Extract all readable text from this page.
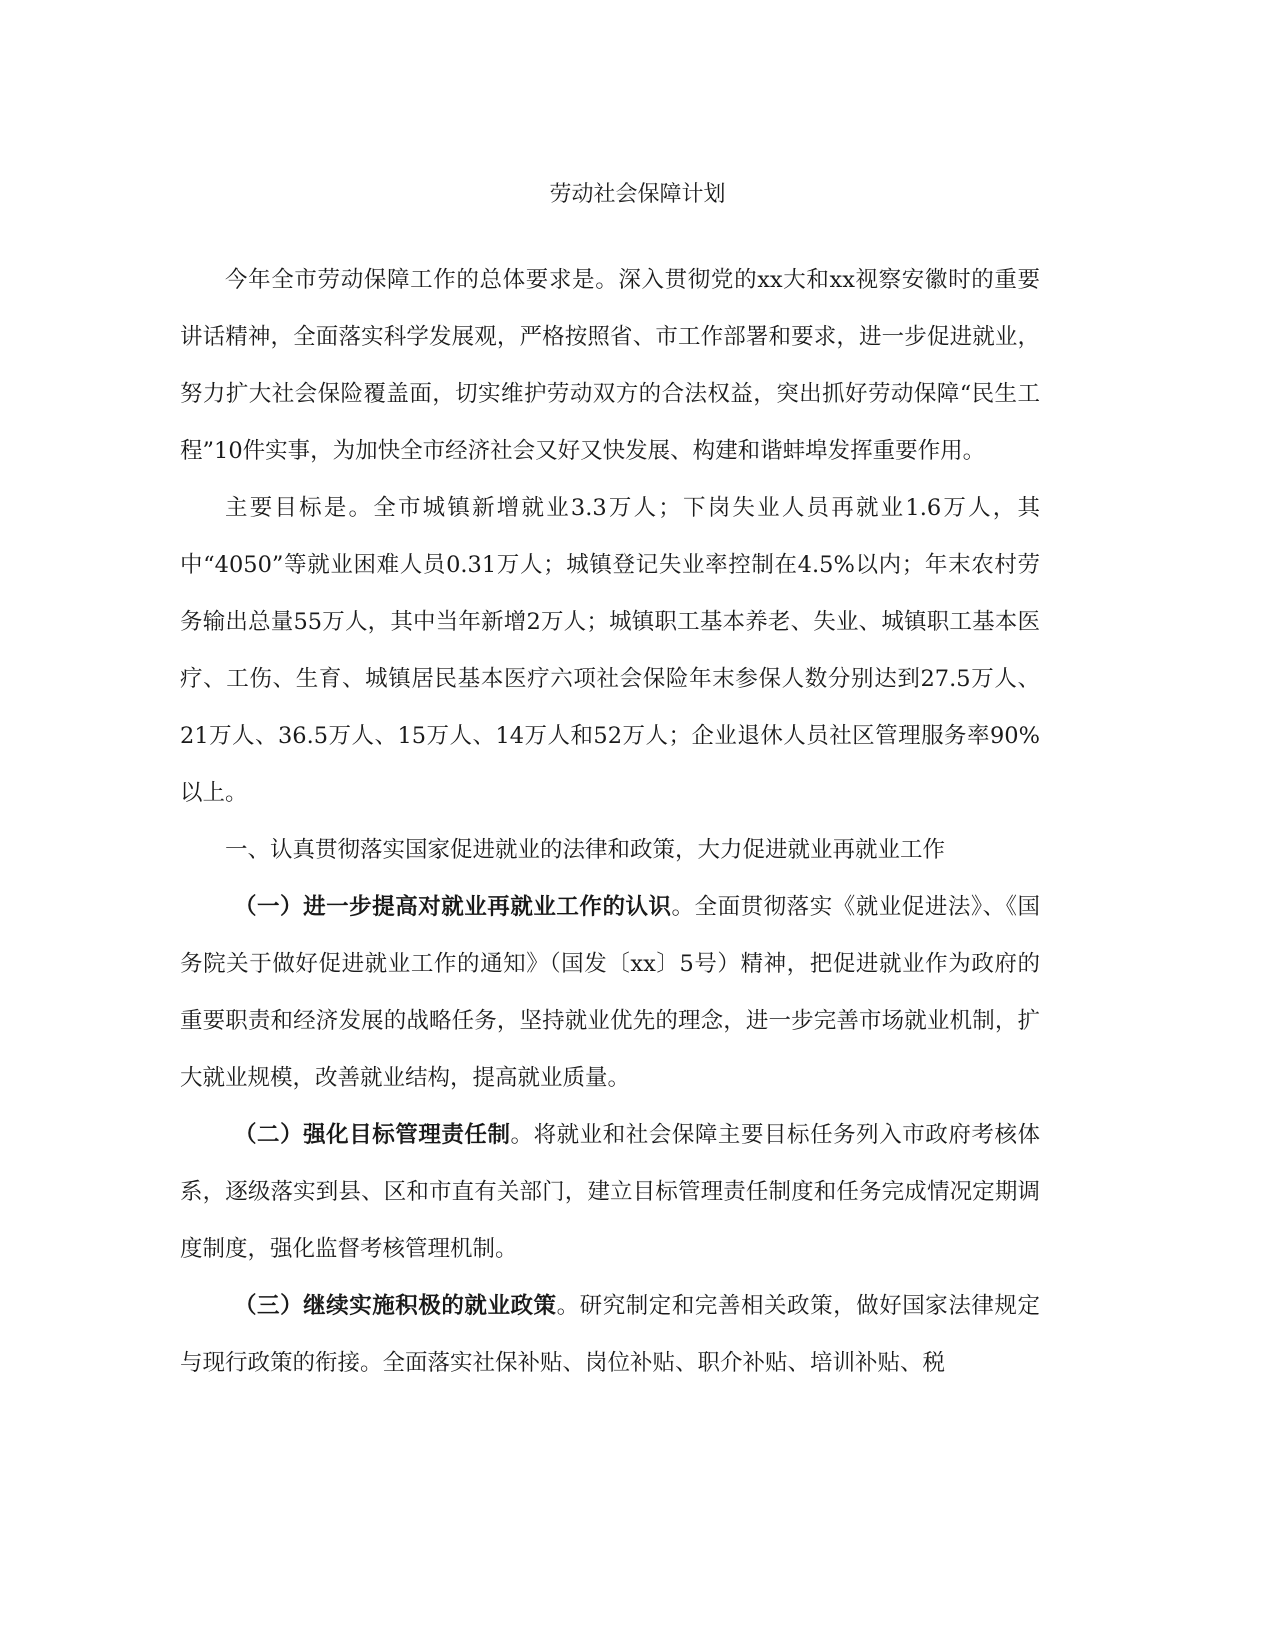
劳动社会保障计划

今年全市劳动保障工作的总体要求是。深入贯彻党的xx大和xx视察安徽时的重要讲话精神，全面落实科学发展观，严格按照省、市工作部署和要求，进一步促进就业，努力扩大社会保险覆盖面，切实维护劳动双方的合法权益，突出抓好劳动保障“民生工程”10件实事，为加快全市经济社会又好又快发展、构建和谐蚌埠发挥重要作用。

主要目标是。全市城镇新增就业3.3万人；下岗失业人员再就业1.6万人，其中“4050”等就业困难人员0.31万人；城镇登记失业率控制在4.5%以内；年末农村劳务输出总量55万人，其中当年新增2万人；城镇职工基本养老、失业、城镇职工基本医疗、工伤、生育、城镇居民基本医疗六项社会保险年末参保人数分别达到27.5万人、21万人、36.5万人、15万人、14万人和52万人；企业退休人员社区管理服务率90%以上。

一、认真贯彻落实国家促进就业的法律和政策，大力促进就业再就业工作

（一）进一步提高对就业再就业工作的认识。全面贯彻落实《就业促进法》、《国务院关于做好促进就业工作的通知》（国发〔xx〕5号）精神，把促进就业作为政府的重要职责和经济发展的战略任务，坚持就业优先的理念，进一步完善市场就业机制，扩大就业规模，改善就业结构，提高就业质量。

（二）强化目标管理责任制。将就业和社会保障主要目标任务列入市政府考核体系，逐级落实到县、区和市直有关部门，建立目标管理责任制度和任务完成情况定期调度制度，强化监督考核管理机制。

（三）继续实施积极的就业政策。研究制定和完善相关政策，做好国家法律规定与现行政策的衔接。全面落实社保补贴、岗位补贴、职介补贴、培训补贴、税
